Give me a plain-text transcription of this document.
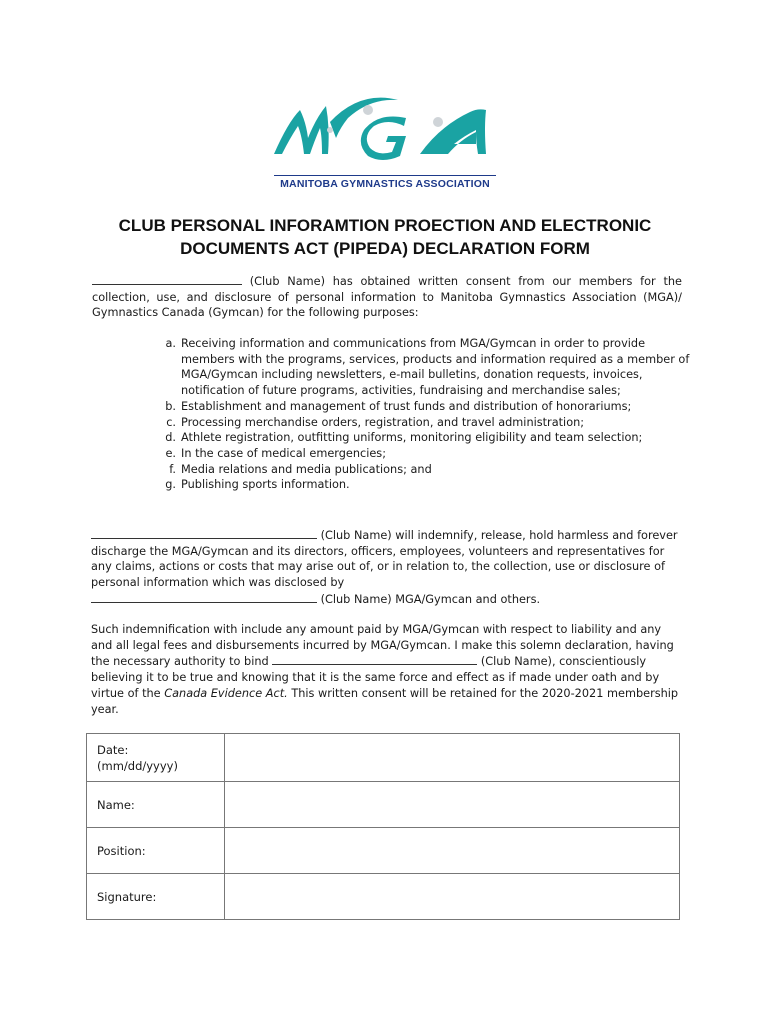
MANITOBA GYMNASTICS ASSOCIATION
CLUB PERSONAL INFORAMTION PROECTION AND ELECTRONIC
DOCUMENTS ACT (PIPEDA) DECLARATION FORM
(Club Name) has obtained written consent from our members for the collection, use, and disclosure of personal information to Manitoba Gymnastics Association (MGA)/ Gymnastics Canada (Gymcan) for the following purposes:
a. Receiving information and communications from MGA/Gymcan in order to provide members with the programs, services, products and information required as a member of MGA/Gymcan including newsletters, e-mail bulletins, donation requests, invoices, notification of future programs, activities, fundraising and merchandise sales;
b. Establishment and management of trust funds and distribution of honorariums;
c. Processing merchandise orders, registration, and travel administration;
d. Athlete registration, outfitting uniforms, monitoring eligibility and team selection;
e. In the case of medical emergencies;
f. Media relations and media publications; and
g. Publishing sports information.
(Club Name) will indemnify, release, hold harmless and forever discharge the MGA/Gymcan and its directors, officers, employees, volunteers and representatives for any claims, actions or costs that may arise out of, or in relation to, the collection, use or disclosure of personal information which was disclosed by
(Club Name) MGA/Gymcan and others.
Such indemnification with include any amount paid by MGA/Gymcan with respect to liability and any and all legal fees and disbursements incurred by MGA/Gymcan. I make this solemn declaration, having the necessary authority to bind	(Club Name), conscientiously believing it to be true and knowing that it is the same force and effect as if made under oath and by virtue of the Canada Evidence Act. This written consent will be retained for the 2020-2021 membership year.
Date:
(mm/dd/yyyy)	

Name:	
Position:	
Signature:	
